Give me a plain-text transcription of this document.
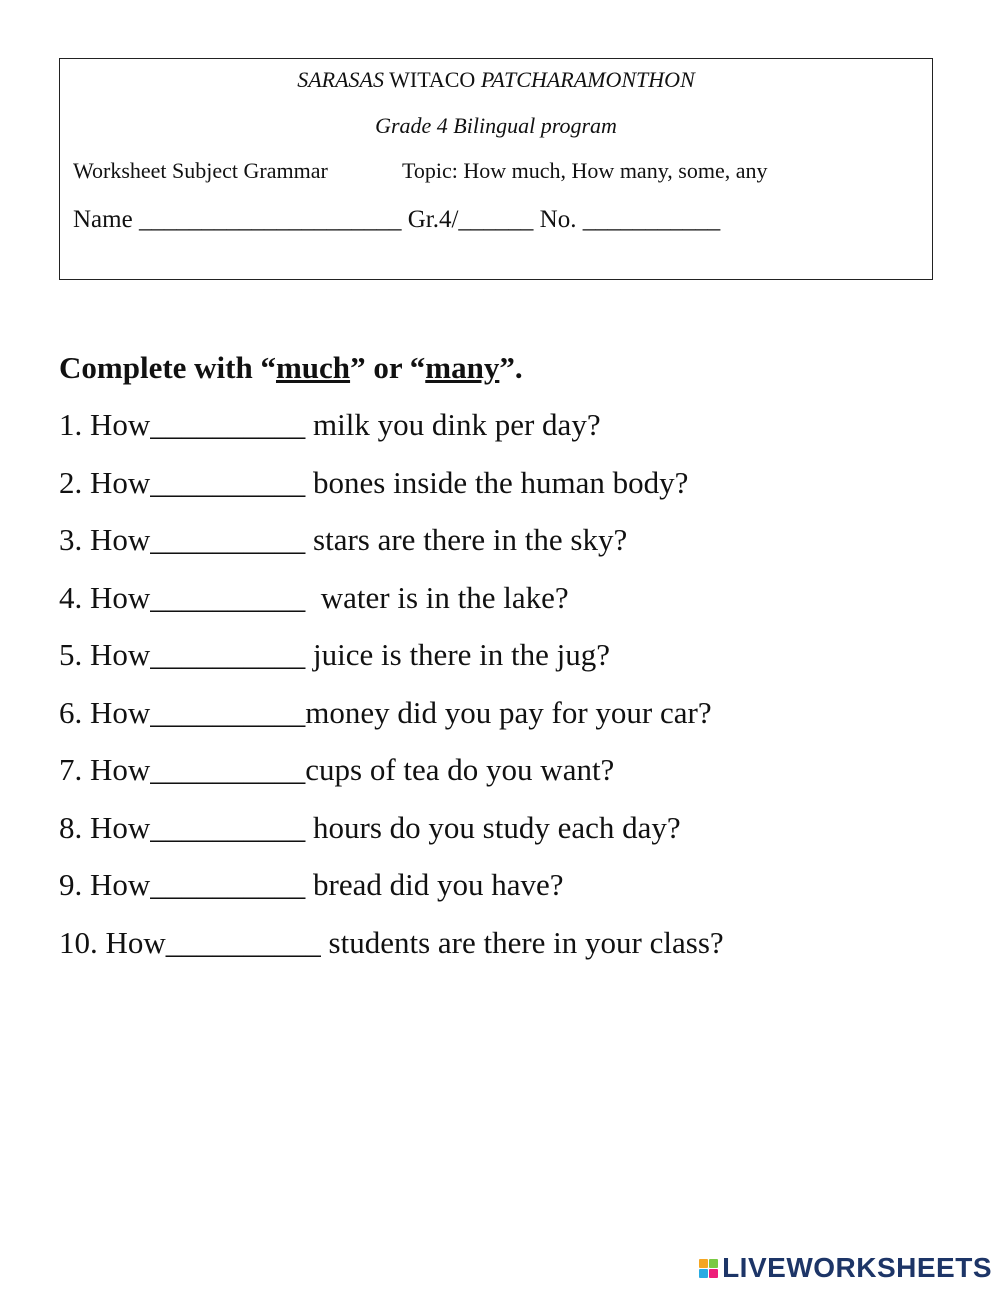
SARASAS WITACO PATCHARAMONTHON
Grade 4 Bilingual program
Worksheet Subject Grammar	Topic: How much, How many, some, any
Name _____________________ Gr.4/______ No. ___________
Complete with “much” or “many”.
1. How__________ milk you dink per day?
2. How__________ bones inside the human body?
3. How__________ stars are there in the sky?
4. How__________  water is in the lake?
5. How__________ juice is there in the jug?
6. How__________money did you pay for your car?
7. How__________cups of tea do you want?
8. How__________ hours do you study each day?
9. How__________ bread did you have?
10. How__________ students are there in your class?
LIVEWORKSHEETS
